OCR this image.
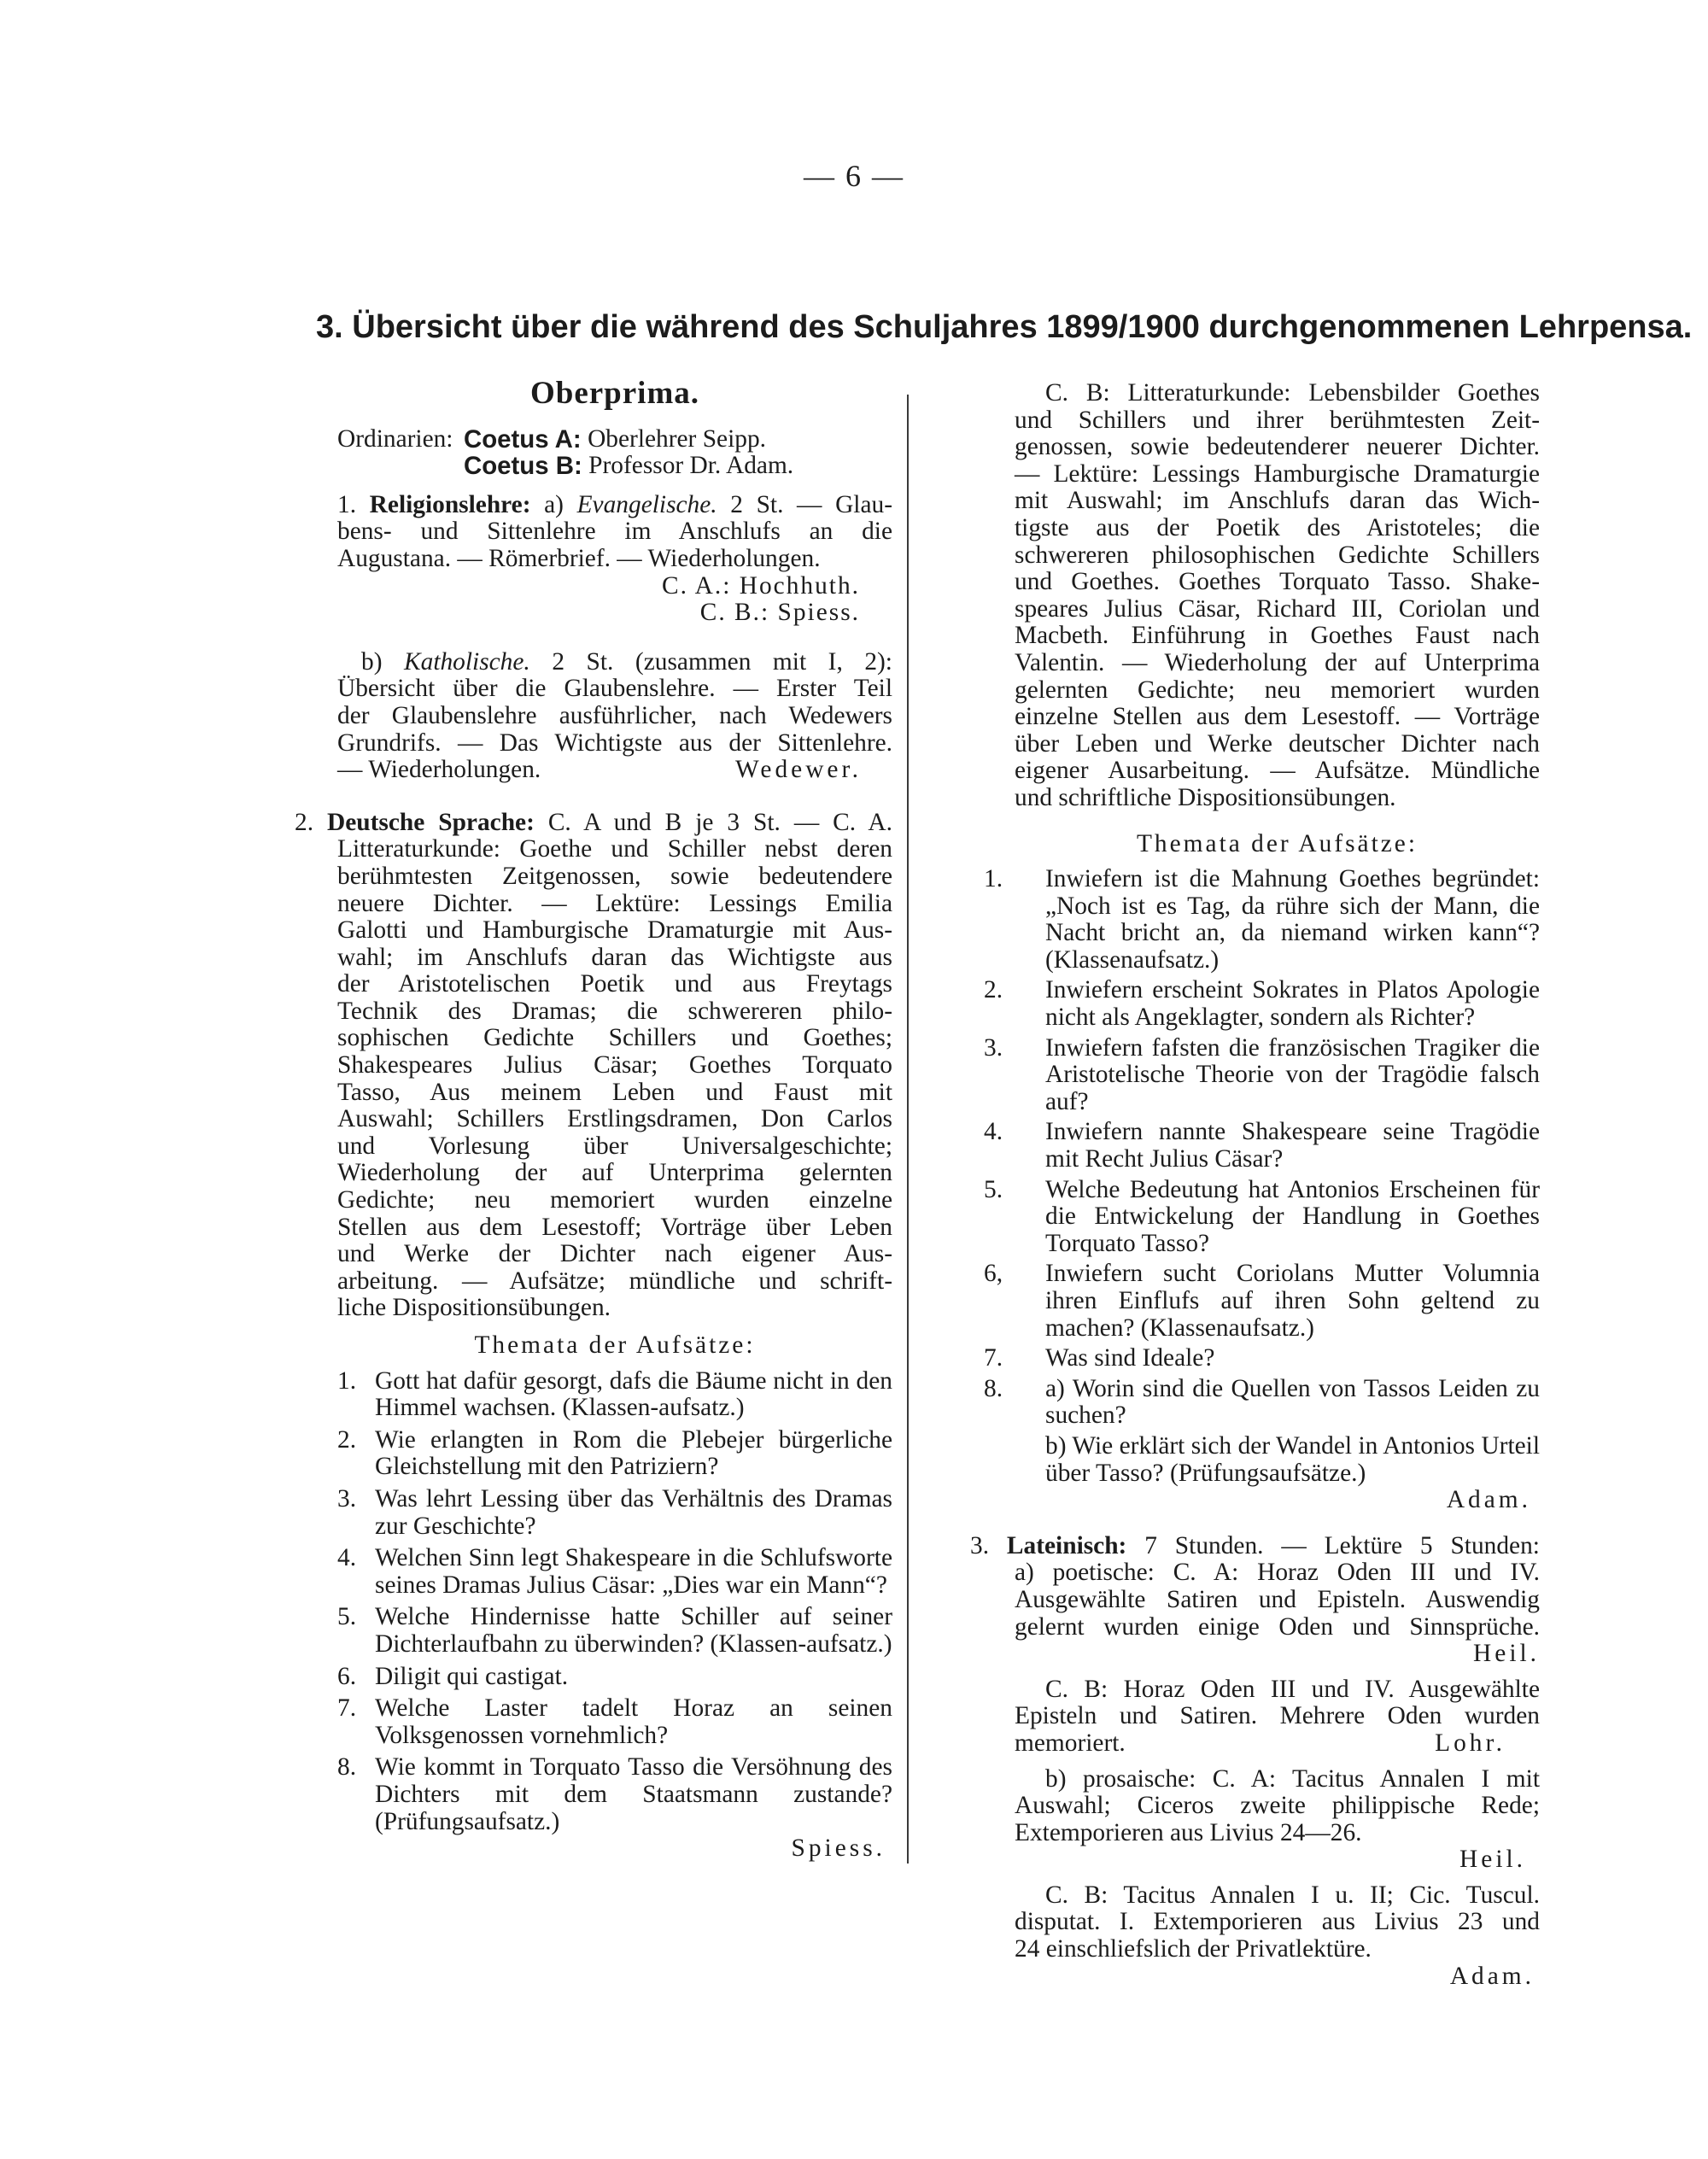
— 6 —
3. Übersicht über die während des Schuljahres 1899/1900 durchgenommenen Lehrpensa.
Oberprima.
Ordinarien: Coetus A:
Oberlehrer Seipp.
Coetus B:
Professor Dr. Adam.

1. Religionslehre: a) Evangelische. 2 St. — Glau-

bens- und Sittenlehre im Anschlufs an die

Augustana. — Römerbrief. — Wiederholungen.

C. A.: Hochhuth.

C. B.: Spiess.

b) Katholische. 2 St. (zusammen mit I, 2):

Übersicht über die Glaubenslehre. — Erster Teil

der Glaubenslehre ausführlicher, nach Wedewers

Grundrifs. — Das Wichtigste aus der Sittenlehre.

— Wiederholungen.	Wedewer.

2. Deutsche Sprache: C. A und B je 3 St. — C. A.

Litteraturkunde: Goethe und Schiller nebst deren

berühmtesten Zeitgenossen, sowie bedeutendere

neuere Dichter. — Lektüre: Lessings Emilia

Galotti und Hamburgische Dramaturgie mit Aus-

wahl; im Anschlufs daran das Wichtigste aus

der Aristotelischen Poetik und aus Freytags

Technik des Dramas; die schwereren philo-

sophischen Gedichte Schillers und Goethes;

Shakespeares Julius Cäsar; Goethes Torquato

Tasso, Aus meinem Leben und Faust mit

Auswahl; Schillers Erstlingsdramen, Don Carlos

und Vorlesung über Universalgeschichte;

Wiederholung der auf Unterprima gelernten

Gedichte; neu memoriert wurden einzelne

Stellen aus dem Lesestoff; Vorträge über Leben

und Werke der Dichter nach eigener Aus-

arbeitung. — Aufsätze; mündliche und schrift-

liche Dispositionsübungen.

Themata der Aufsätze:

1. Gott hat dafür gesorgt, dafs die Bäume nicht in den Himmel wachsen. (Klassen-aufsatz.)
2. Wie erlangten in Rom die Plebejer bürgerliche Gleichstellung mit den Patriziern?
3. Was lehrt Lessing über das Verhältnis des Dramas zur Geschichte?
4. Welchen Sinn legt Shakespeare in die Schlufsworte seines Dramas Julius Cäsar: „Dies war ein Mann“?
5. Welche Hindernisse hatte Schiller auf seiner Dichterlaufbahn zu überwinden? (Klassen-aufsatz.)
6. Diligit qui castigat.
7. Welche Laster tadelt Horaz an seinen Volksgenossen vornehmlich?
8. Wie kommt in Torquato Tasso die Versöhnung des Dichters mit dem Staatsmann zustande? (Prüfungsaufsatz.)

Spiess.

C. B: Litteraturkunde: Lebensbilder Goethes

und Schillers und ihrer berühmtesten Zeit-

genossen, sowie bedeutenderer neuerer Dichter.

— Lektüre: Lessings Hamburgische Dramaturgie

mit Auswahl; im Anschlufs daran das Wich-

tigste aus der Poetik des Aristoteles; die

schwereren philosophischen Gedichte Schillers

und Goethes. Goethes Torquato Tasso. Shake-

speares Julius Cäsar, Richard III, Coriolan und

Macbeth. Einführung in Goethes Faust nach

Valentin. — Wiederholung der auf Unterprima

gelernten Gedichte; neu memoriert wurden

einzelne Stellen aus dem Lesestoff. — Vorträge

über Leben und Werke deutscher Dichter nach

eigener Ausarbeitung. — Aufsätze. Mündliche

und schriftliche Dispositionsübungen.

Themata der Aufsätze:

1.	Inwiefern ist die Mahnung Goethes begründet: „Noch ist es Tag, da rühre sich der Mann, die Nacht bricht an, da niemand wirken kann“? (Klassenaufsatz.)
2.	Inwiefern erscheint Sokrates in Platos Apologie nicht als Angeklagter, sondern als Richter?
3.	Inwiefern fafsten die französischen Tragiker die Aristotelische Theorie von der Tragödie falsch auf?
4.	Inwiefern nannte Shakespeare seine Tragödie mit Recht Julius Cäsar?
5.	Welche Bedeutung hat Antonios Erscheinen für die Entwickelung der Handlung in Goethes Torquato Tasso?
6,	Inwiefern sucht Coriolans Mutter Volumnia ihren Einflufs auf ihren Sohn geltend zu machen? (Klassenaufsatz.)
7.	Was sind Ideale?
8.	a) Worin sind die Quellen von Tassos Leiden zu suchen?
b) Wie erklärt sich der Wandel in Antonios Urteil über Tasso? (Prüfungsaufsätze.)

Adam.

3. Lateinisch: 7 Stunden. — Lektüre 5 Stunden:

a) poetische: C. A: Horaz Oden III und IV.

Ausgewählte Satiren und Episteln. Auswendig

gelernt wurden einige Oden und Sinnsprüche.

Heil.

C. B: Horaz Oden III und IV. Ausgewählte

Episteln und Satiren. Mehrere Oden wurden

memoriert.	Lohr.

b) prosaische: C. A: Tacitus Annalen I mit

Auswahl; Ciceros zweite philippische Rede;

Extemporieren aus Livius 24—26.

Heil.

C. B: Tacitus Annalen I u. II; Cic. Tuscul.

disputat. I. Extemporieren aus Livius 23 und

24 einschliefslich der Privatlektüre.

Adam.
